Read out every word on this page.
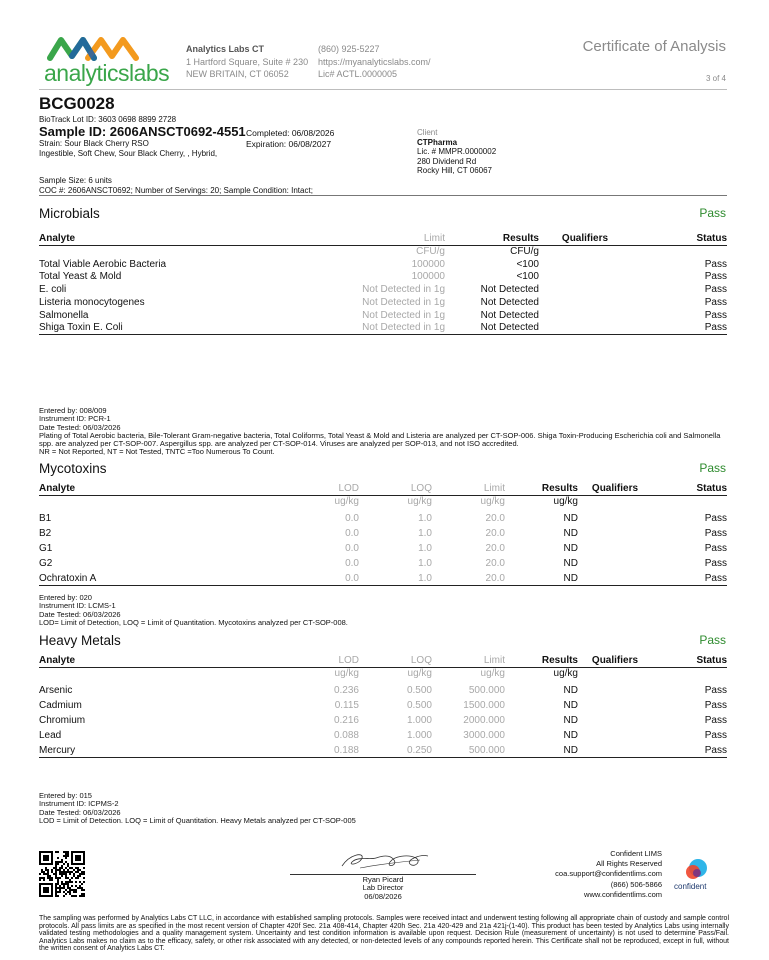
analyticslabs
Analytics Labs CT
1 Hartford Square, Suite # 230
NEW BRITAIN, CT 06052
(860) 925-5227
https://myanalyticslabs.com/
Lic# ACTL.0000005
Certificate of Analysis
3 of 4
BCG0028
BioTrack Lot ID: 3603 0698 8899 2728
Sample ID: 2606ANSCT0692-4551
Strain: Sour Black Cherry RSO
Ingestible, Soft Chew, Sour Black Cherry, , Hybrid,
Completed: 06/08/2026
Expiration: 06/08/2027
Client
CTPharma
Lic. # MMPR.0000002
280 Dividend Rd
Rocky Hill, CT 06067
Sample Size: 6 units
COC #: 2606ANSCT0692; Number of Servings: 20; Sample Condition: Intact;
Microbials	Pass
Analyte	Limit	Results	Qualifiers	Status
	CFU/g	CFU/g		
Total Viable Aerobic Bacteria	100000	<100		Pass
Total Yeast & Mold	100000	<100		Pass
E. coli	Not Detected in 1g	Not Detected		Pass
Listeria monocytogenes	Not Detected in 1g	Not Detected		Pass
Salmonella	Not Detected in 1g	Not Detected		Pass
Shiga Toxin E. Coli	Not Detected in 1g	Not Detected		Pass
Entered by: 008/009
Instrument ID: PCR-1
Date Tested: 06/03/2026
Plating of Total Aerobic bacteria, Bile-Tolerant Gram-negative bacteria, Total Coliforms, Total Yeast & Mold and Listeria are analyzed per CT-SOP-006. Shiga Toxin-Producing Escherichia coli and Salmonella spp. are analyzed per CT-SOP-007. Aspergillus spp. are analyzed per CT-SOP-014. Viruses are analyzed per SOP-013, and not ISO accredited.
NR = Not Reported, NT = Not Tested, TNTC =Too Numerous To Count.
Mycotoxins	Pass
Analyte	LOD	LOQ	Limit	Results	Qualifiers	Status
	ug/kg	ug/kg	ug/kg	ug/kg		

B1	0.0	1.0	20.0	ND		Pass
B2	0.0	1.0	20.0	ND		Pass
G1	0.0	1.0	20.0	ND		Pass
G2	0.0	1.0	20.0	ND		Pass
Ochratoxin A	0.0	1.0	20.0	ND		Pass
Entered by: 020
Instrument ID: LCMS-1
Date Tested: 06/03/2026
LOD= Limit of Detection, LOQ = Limit of Quantitation. Mycotoxins analyzed per CT-SOP-008.
Heavy Metals	Pass
Analyte	LOD	LOQ	Limit	Results	Qualifiers	Status
	ug/kg	ug/kg	ug/kg	ug/kg		

Arsenic	0.236	0.500	500.000	ND		Pass
Cadmium	0.115	0.500	1500.000	ND		Pass
Chromium	0.216	1.000	2000.000	ND		Pass
Lead	0.088	1.000	3000.000	ND		Pass
Mercury	0.188	0.250	500.000	ND		Pass
Entered by: 015
Instrument ID: ICPMS-2
Date Tested: 06/03/2026
LOD = Limit of Detection. LOQ = Limit of Quantitation. Heavy Metals analyzed per CT-SOP-005
Ryan Picard
Lab Director
06/08/2026
Confident LIMS
All Rights Reserved
coa.support@confidentlims.com
(866) 506-5866
www.confidentlims.com
confident
The sampling was performed by Analytics Labs CT LLC, in accordance with established sampling protocols. Samples were received intact and underwent testing following all appropriate chain of custody and sample control protocols. All pass limits are as specified in the most recent version of Chapter 420f Sec. 21a 408-414, Chapter 420h Sec. 21a 420-429 and 21a 421j-(1-40). This product has been tested by Analytics Labs using internally validated testing methodologies and a quality management system. Uncertainty and test condition information is available upon request. Decision Rule (measurement of uncertainty) is not used to determine Pass/Fail. Analytics Labs makes no claim as to the efficacy, safety, or other risk associated with any detected, or non-detected levels of any compounds reported herein. This Certificate shall not be reproduced, except in full, without the written consent of Analytics Labs CT.
